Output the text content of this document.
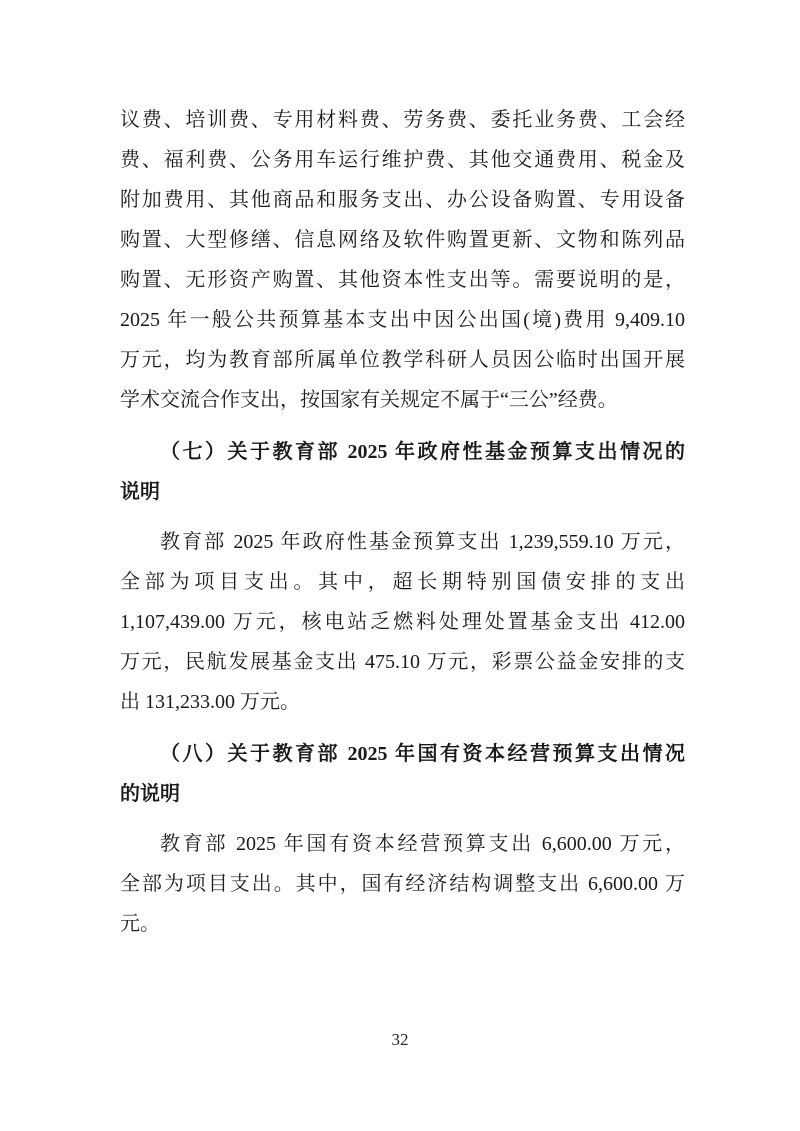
议费、培训费、专用材料费、劳务费、委托业务费、工会经
费、福利费、公务用车运行维护费、其他交通费用、税金及
附加费用、其他商品和服务支出、办公设备购置、专用设备
购置、大型修缮、信息网络及软件购置更新、文物和陈列品
购置、无形资产购置、其他资本性支出等。需要说明的是，
2025 年一般公共预算基本支出中因公出国(境)费用 9,409.10
万元，均为教育部所属单位教学科研人员因公临时出国开展
学术交流合作支出，按国家有关规定不属于“三公”经费。
（七）关于教育部 2025 年政府性基金预算支出情况的
说明
教育部 2025 年政府性基金预算支出 1,239,559.10 万元，
全部为项目支出。其中，超长期特别国债安排的支出
1,107,439.00 万元，核电站乏燃料处理处置基金支出 412.00
万元，民航发展基金支出 475.10 万元，彩票公益金安排的支
出 131,233.00 万元。
（八）关于教育部 2025 年国有资本经营预算支出情况
的说明
教育部 2025 年国有资本经营预算支出 6,600.00 万元，
全部为项目支出。其中，国有经济结构调整支出 6,600.00 万
元。
32
